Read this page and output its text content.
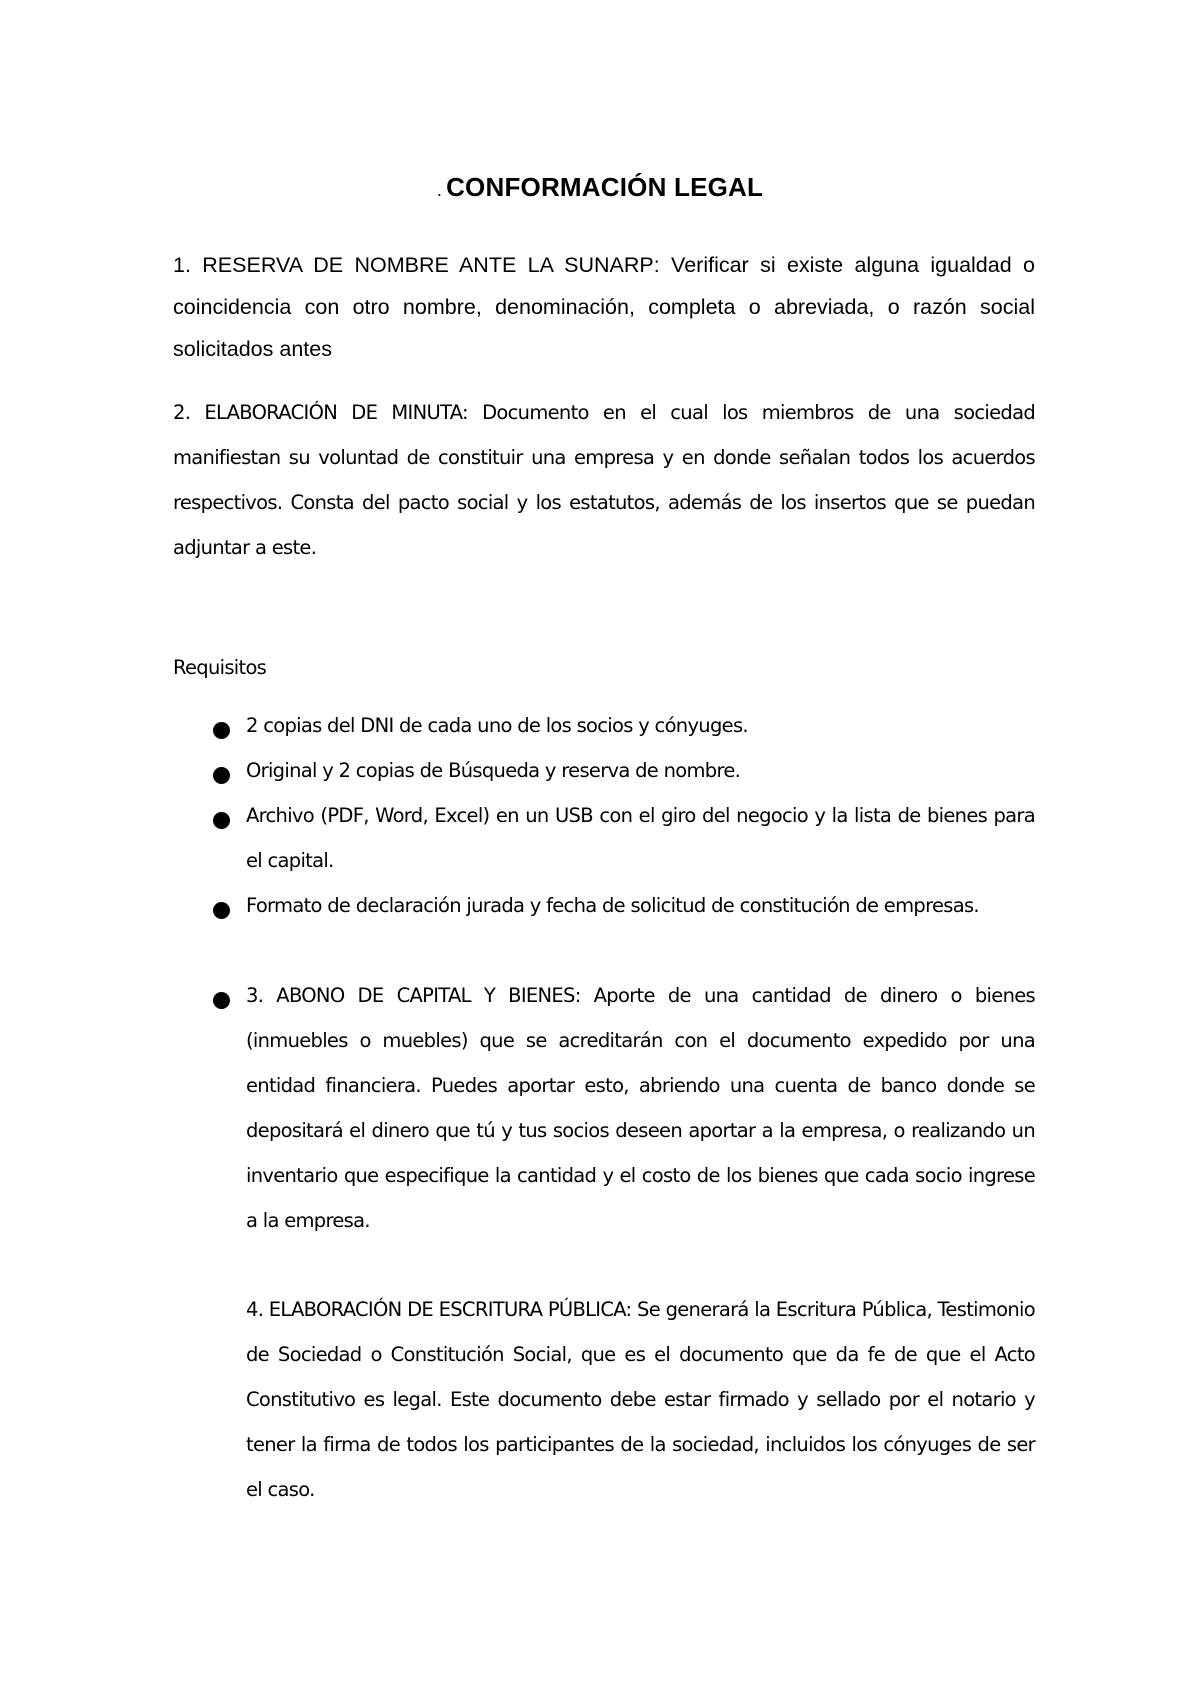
. CONFORMACIÓN LEGAL
1. RESERVA DE NOMBRE ANTE LA SUNARP: Verificar si existe alguna igualdad o coincidencia con otro nombre, denominación, completa o abreviada, o razón social solicitados antes
2. ELABORACIÓN DE MINUTA: Documento en el cual los miembros de una sociedad manifiestan su voluntad de constituir una empresa y en donde señalan todos los acuerdos respectivos. Consta del pacto social y los estatutos, además de los insertos que se puedan adjuntar a este.
Requisitos
2 copias del DNI de cada uno de los socios y cónyuges.
Original y 2 copias de Búsqueda y reserva de nombre.
Archivo (PDF, Word, Excel) en un USB con el giro del negocio y la lista de bienes para el capital.
Formato de declaración jurada y fecha de solicitud de constitución de empresas.
3. ABONO DE CAPITAL Y BIENES: Aporte de una cantidad de dinero o bienes (inmuebles o muebles) que se acreditarán con el documento expedido por una entidad financiera. Puedes aportar esto, abriendo una cuenta de banco donde se depositará el dinero que tú y tus socios deseen aportar a la empresa, o realizando un inventario que especifique la cantidad y el costo de los bienes que cada socio ingrese a la empresa.
4. ELABORACIÓN DE ESCRITURA PÚBLICA: Se generará la Escritura Pública, Testimonio de Sociedad o Constitución Social, que es el documento que da fe de que el Acto Constitutivo es legal. Este documento debe estar firmado y sellado por el notario y tener la firma de todos los participantes de la sociedad, incluidos los cónyuges de ser el caso.
